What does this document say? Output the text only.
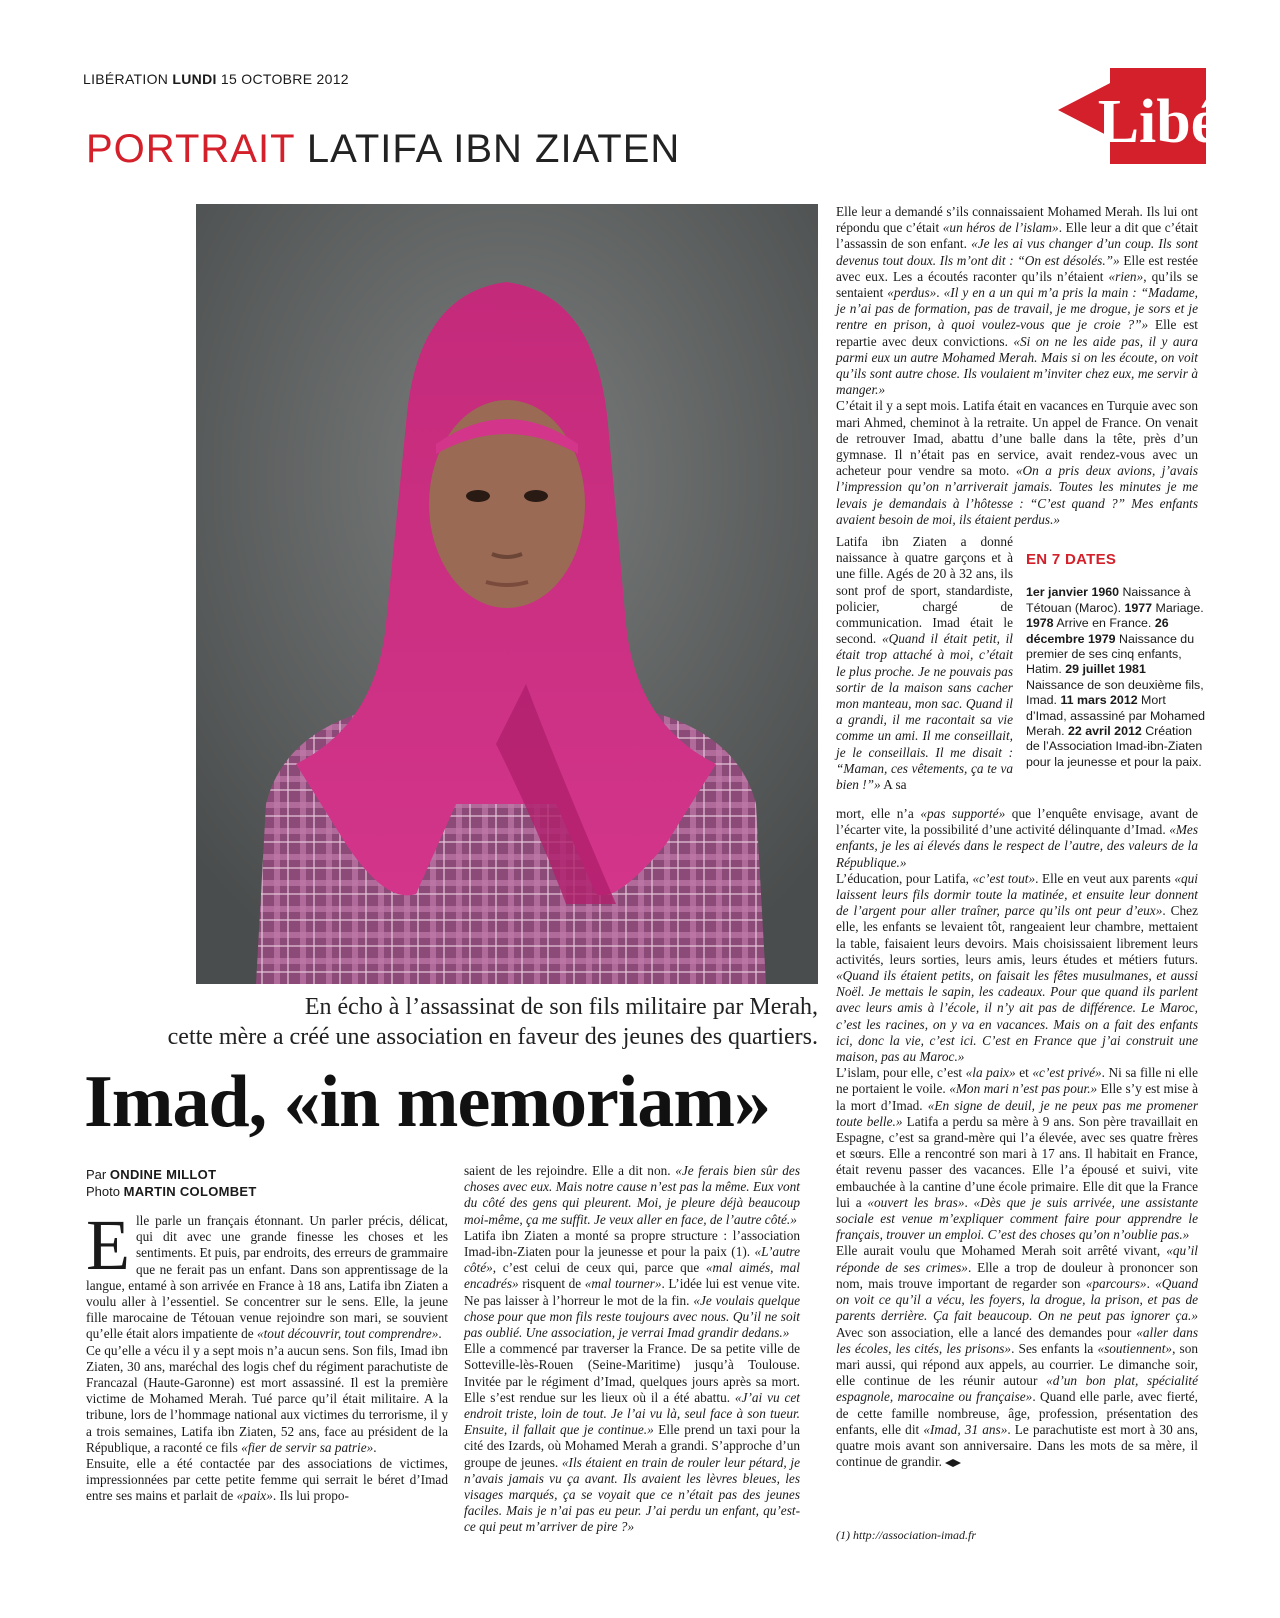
LIBÉRATION LUNDI 15 OCTOBRE 2012
Libé
PORTRAIT LATIFA IBN ZIATEN
En écho à l’assassinat de son fils militaire par Merah,
cette mère a créé une association en faveur des jeunes des quartiers.
Imad, «in memoriam»
Par ONDINE MILLOT
Photo MARTIN COLOMBET

Elle parle un français étonnant. Un parler précis, délicat, qui dit avec une grande finesse les choses et les sentiments. Et puis, par endroits, des erreurs de grammaire que ne ferait pas un enfant. Dans son apprentissage de la langue, entamé à son arrivée en France à 18 ans, Latifa ibn Ziaten a voulu aller à l’essentiel. Se concentrer sur le sens. Elle, la jeune fille marocaine de Tétouan venue rejoindre son mari, se souvient qu’elle était alors impatiente de «tout découvrir, tout comprendre».

Ce qu’elle a vécu il y a sept mois n’a aucun sens. Son fils, Imad ibn Ziaten, 30 ans, maréchal des logis chef du régiment parachutiste de Francazal (Haute-Garonne) est mort assassiné. Il est la première victime de Mohamed Merah. Tué parce qu’il était militaire. A la tribune, lors de l’hommage national aux victimes du terrorisme, il y a trois semaines, Latifa ibn Ziaten, 52 ans, face au président de la République, a raconté ce fils «fier de servir sa patrie».

Ensuite, elle a été contactée par des associations de victimes, impressionnées par cette petite femme qui serrait le béret d’Imad entre ses mains et parlait de «paix». Ils lui propo-

saient de les rejoindre. Elle a dit non. «Je ferais bien sûr des choses avec eux. Mais notre cause n’est pas la même. Eux vont du côté des gens qui pleurent. Moi, je pleure déjà beaucoup moi-même, ça me suffit. Je veux aller en face, de l’autre côté.»

Latifa ibn Ziaten a monté sa propre structure : l’association Imad-ibn-Ziaten pour la jeunesse et pour la paix (1). «L’autre côté», c’est celui de ceux qui, parce que «mal aimés, mal encadrés» risquent de «mal tourner». L’idée lui est venue vite. Ne pas laisser à l’horreur le mot de la fin. «Je voulais quelque chose pour que mon fils reste toujours avec nous. Qu’il ne soit pas oublié. Une association, je verrai Imad grandir dedans.»

Elle a commencé par traverser la France. De sa petite ville de Sotteville-lès-Rouen (Seine-Maritime) jusqu’à Toulouse. Invitée par le régiment d’Imad, quelques jours après sa mort. Elle s’est rendue sur les lieux où il a été abattu. «J’ai vu cet endroit triste, loin de tout. Je l’ai vu là, seul face à son tueur. Ensuite, il fallait que je continue.» Elle prend un taxi pour la cité des Izards, où Mohamed Merah a grandi. S’approche d’un groupe de jeunes. «Ils étaient en train de rouler leur pétard, je n’avais jamais vu ça avant. Ils avaient les lèvres bleues, les visages marqués, ça se voyait que ce n’était pas des jeunes faciles. Mais je n’ai pas eu peur. J’ai perdu un enfant, qu’est-ce qui peut m’arriver de pire ?»

Elle leur a demandé s’ils connaissaient Mohamed Merah. Ils lui ont répondu que c’était «un héros de l’islam». Elle leur a dit que c’était l’assassin de son enfant. «Je les ai vus changer d’un coup. Ils sont devenus tout doux. Ils m’ont dit : “On est désolés.”» Elle est restée avec eux. Les a écoutés raconter qu’ils n’étaient «rien», qu’ils se sentaient «perdus». «Il y en a un qui m’a pris la main : “Madame, je n’ai pas de formation, pas de travail, je me drogue, je sors et je rentre en prison, à quoi voulez-vous que je croie ?”» Elle est repartie avec deux convictions. «Si on ne les aide pas, il y aura parmi eux un autre Mohamed Merah. Mais si on les écoute, on voit qu’ils sont autre chose. Ils voulaient m’inviter chez eux, me servir à manger.»

C’était il y a sept mois. Latifa était en vacances en Turquie avec son mari Ahmed, cheminot à la retraite. Un appel de France. On venait de retrouver Imad, abattu d’une balle dans la tête, près d’un gymnase. Il n’était pas en service, avait rendez-vous avec un acheteur pour vendre sa moto. «On a pris deux avions, j’avais l’impression qu’on n’arriverait jamais. Toutes les minutes je me levais je demandais à l’hôtesse : “C’est quand ?” Mes enfants avaient besoin de moi, ils étaient perdus.»

Latifa ibn Ziaten a donné naissance à quatre garçons et à une fille. Agés de 20 à 32 ans, ils sont prof de sport, standardiste, policier, chargé de communication. Imad était le second. «Quand il était petit, il était trop attaché à moi, c’était le plus proche. Je ne pouvais pas sortir de la maison sans cacher mon manteau, mon sac. Quand il a grandi, il me racontait sa vie comme un ami. Il me conseillait, je le conseillais. Il me disait : “Maman, ces vêtements, ça te va bien !”» A sa

EN 7 DATES
1er janvier 1960 Naissance à Tétouan (Maroc). 1977 Mariage. 1978 Arrive en France. 26 décembre 1979 Naissance du premier de ses cinq enfants, Hatim. 29 juillet 1981 Naissance de son deuxième fils, Imad. 11 mars 2012 Mort d’Imad, assassiné par Mohamed Merah. 22 avril 2012 Création de l’Association Imad-ibn-Ziaten pour la jeunesse et pour la paix.

mort, elle n’a «pas supporté» que l’enquête envisage, avant de l’écarter vite, la possibilité d’une activité délinquante d’Imad. «Mes enfants, je les ai élevés dans le respect de l’autre, des valeurs de la République.»

L’éducation, pour Latifa, «c’est tout». Elle en veut aux parents «qui laissent leurs fils dormir toute la matinée, et ensuite leur donnent de l’argent pour aller traîner, parce qu’ils ont peur d’eux». Chez elle, les enfants se levaient tôt, rangeaient leur chambre, mettaient la table, faisaient leurs devoirs. Mais choisissaient librement leurs activités, leurs sorties, leurs amis, leurs études et métiers futurs. «Quand ils étaient petits, on faisait les fêtes musulmanes, et aussi Noël. Je mettais le sapin, les cadeaux. Pour que quand ils parlent avec leurs amis à l’école, il n’y ait pas de différence. Le Maroc, c’est les racines, on y va en vacances. Mais on a fait des enfants ici, donc la vie, c’est ici. C’est en France que j’ai construit une maison, pas au Maroc.»

L’islam, pour elle, c’est «la paix» et «c’est privé». Ni sa fille ni elle ne portaient le voile. «Mon mari n’est pas pour.» Elle s’y est mise à la mort d’Imad. «En signe de deuil, je ne peux pas me promener toute belle.» Latifa a perdu sa mère à 9 ans. Son père travaillait en Espagne, c’est sa grand-mère qui l’a élevée, avec ses quatre frères et sœurs. Elle a rencontré son mari à 17 ans. Il habitait en France, était revenu passer des vacances. Elle l’a épousé et suivi, vite embauchée à la cantine d’une école primaire. Elle dit que la France lui a «ouvert les bras». «Dès que je suis arrivée, une assistante sociale est venue m’expliquer comment faire pour apprendre le français, trouver un emploi. C’est des choses qu’on n’oublie pas.»

Elle aurait voulu que Mohamed Merah soit arrêté vivant, «qu’il réponde de ses crimes». Elle a trop de douleur à prononcer son nom, mais trouve important de regarder son «parcours». «Quand on voit ce qu’il a vécu, les foyers, la drogue, la prison, et pas de parents derrière. Ça fait beaucoup. On ne peut pas ignorer ça.» Avec son association, elle a lancé des demandes pour «aller dans les écoles, les cités, les prisons». Ses enfants la «soutiennent», son mari aussi, qui répond aux appels, au courrier. Le dimanche soir, elle continue de les réunir autour «d’un bon plat, spécialité espagnole, marocaine ou française». Quand elle parle, avec fierté, de cette famille nombreuse, âge, profession, présentation des enfants, elle dit «Imad, 31 ans». Le parachutiste est mort à 30 ans, quatre mois avant son anniversaire. Dans les mots de sa mère, il continue de grandir.

(1) http://association-imad.fr
